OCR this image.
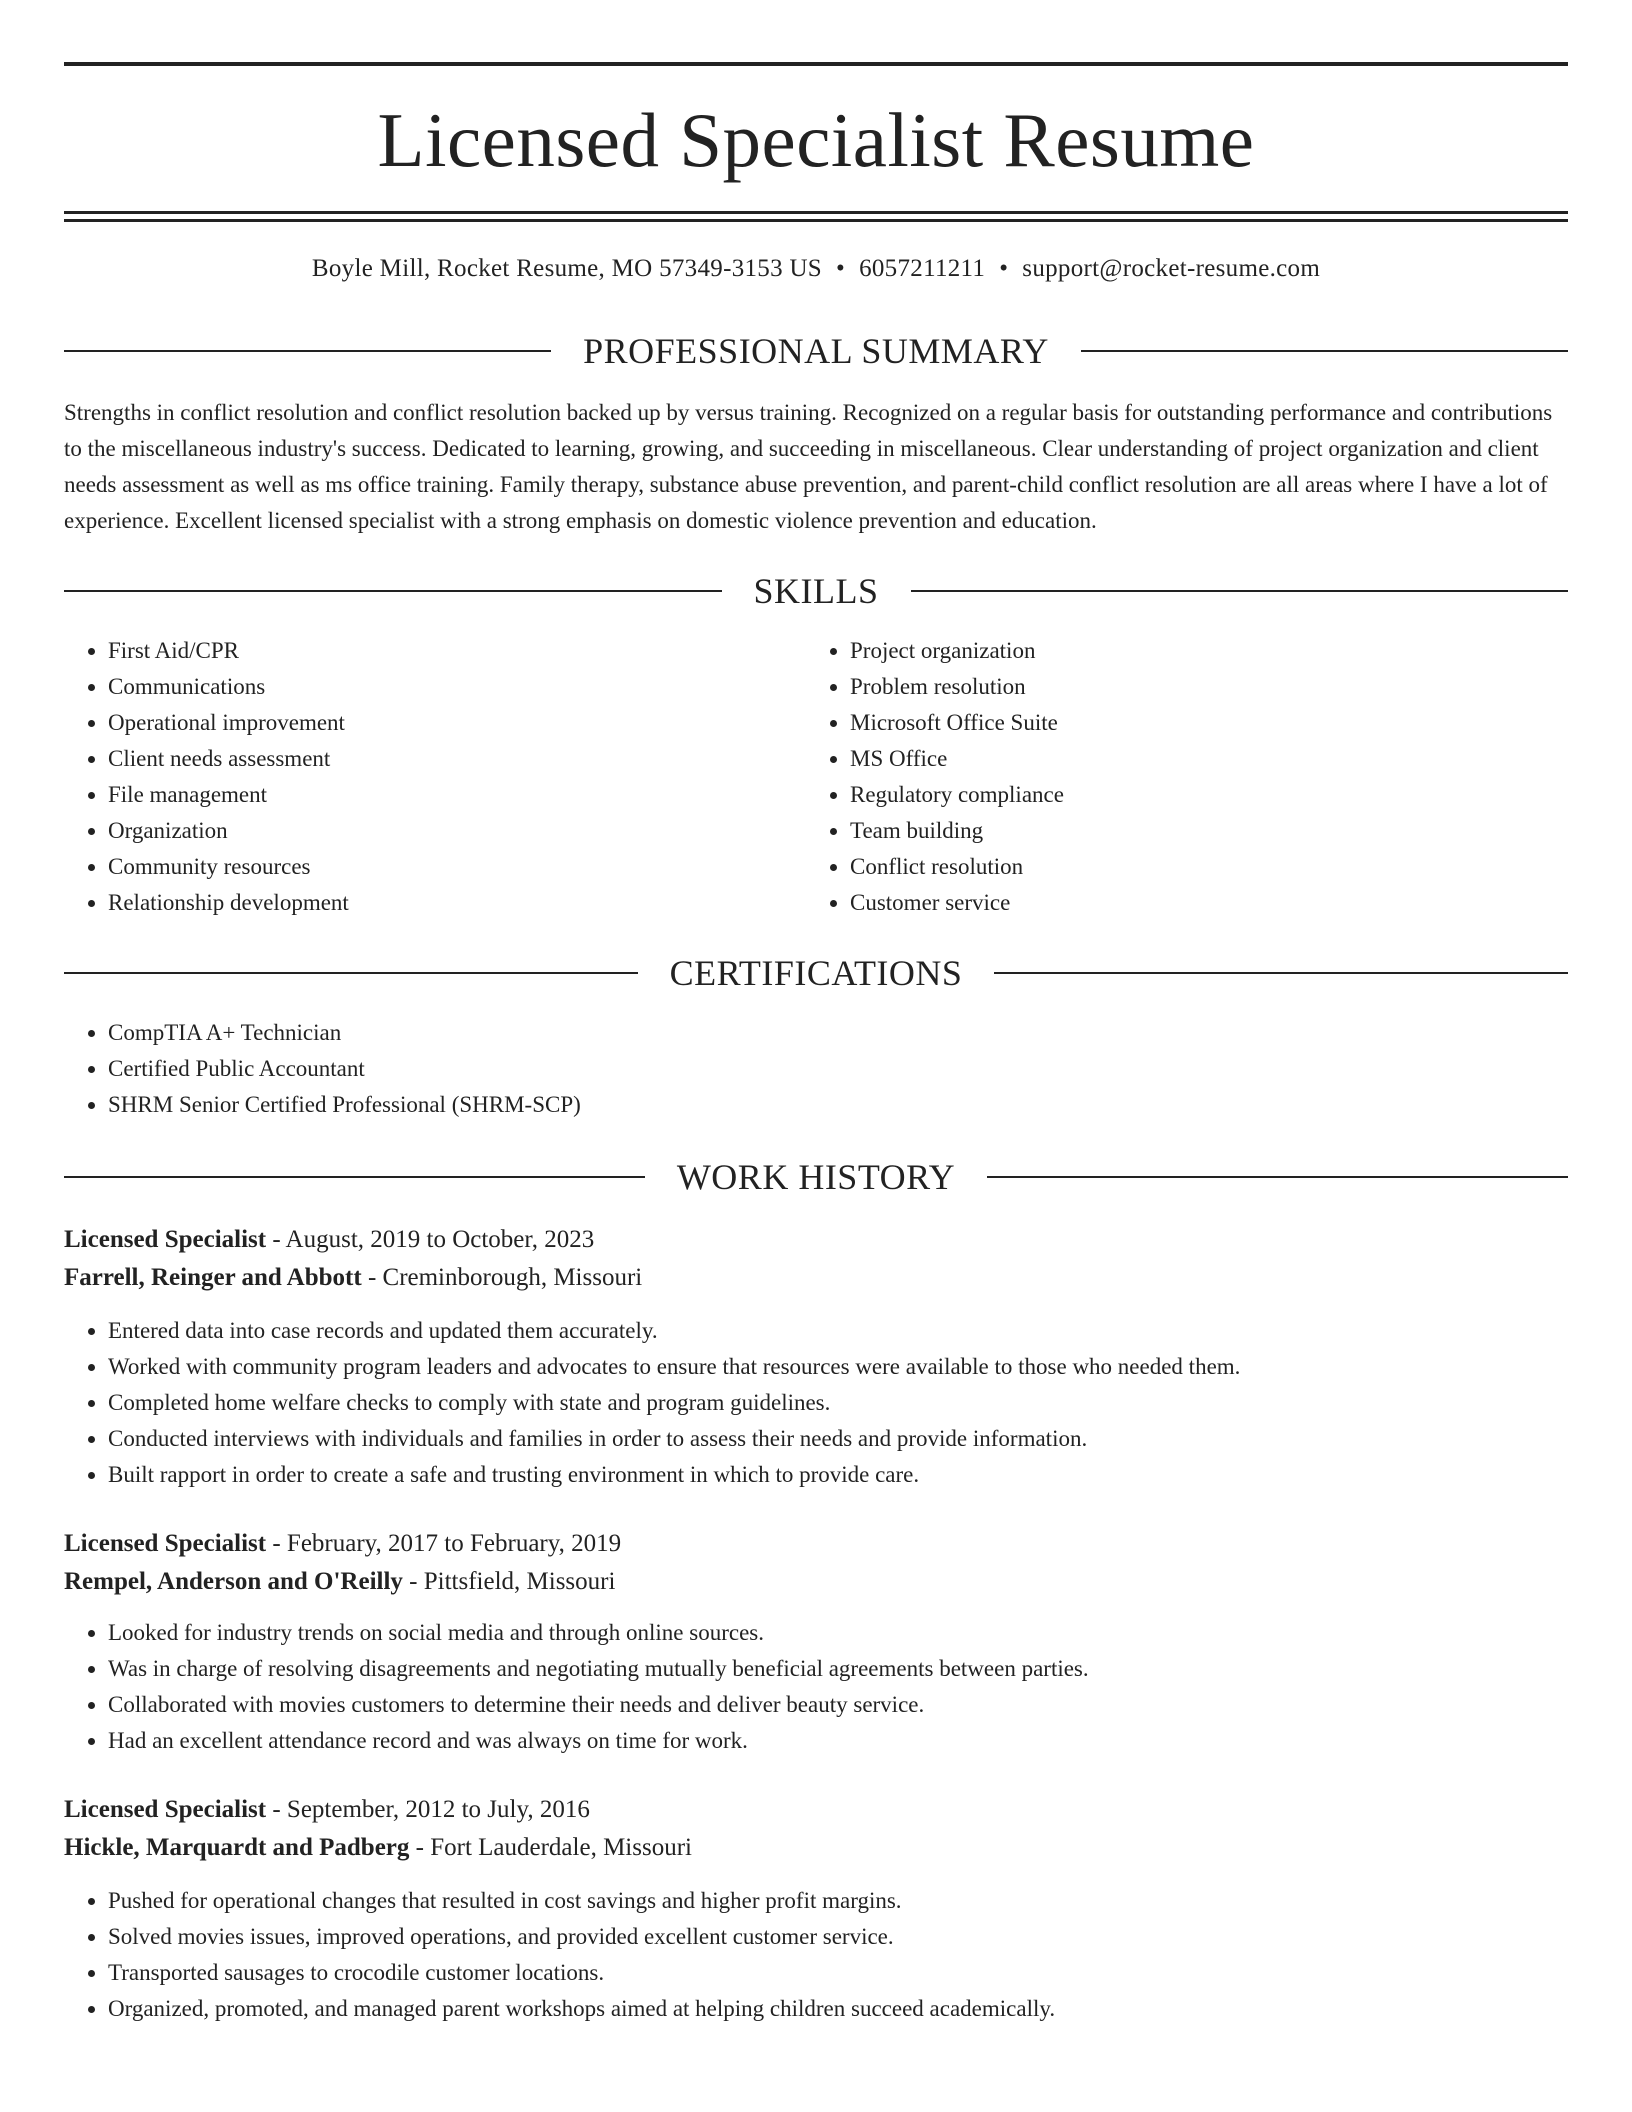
Licensed Specialist Resume
Boyle Mill, Rocket Resume, MO 57349-3153 US • 6057211211 • support@rocket-resume.com
PROFESSIONAL SUMMARY

Strengths in conflict resolution and conflict resolution backed up by versus training. Recognized on a regular basis for outstanding performance and contributions to the miscellaneous industry's success. Dedicated to learning, growing, and succeeding in miscellaneous. Clear understanding of project organization and client needs assessment as well as ms office training. Family therapy, substance abuse prevention, and parent-child conflict resolution are all areas where I have a lot of experience. Excellent licensed specialist with a strong emphasis on domestic violence prevention and education.

SKILLS
• First Aid/CPR
• Communications
• Operational improvement
• Client needs assessment
• File management
• Organization
• Community resources
• Relationship development
• Project organization
• Problem resolution
• Microsoft Office Suite
• MS Office
• Regulatory compliance
• Team building
• Conflict resolution
• Customer service
CERTIFICATIONS
• CompTIA A+ Technician
• Certified Public Accountant
• SHRM Senior Certified Professional (SHRM-SCP)
WORK HISTORY

Licensed Specialist - August, 2019 to October, 2023

Farrell, Reinger and Abbott - Creminborough, Missouri

• Entered data into case records and updated them accurately.
• Worked with community program leaders and advocates to ensure that resources were available to those who needed them.
• Completed home welfare checks to comply with state and program guidelines.
• Conducted interviews with individuals and families in order to assess their needs and provide information.
• Built rapport in order to create a safe and trusting environment in which to provide care.

Licensed Specialist - February, 2017 to February, 2019

Rempel, Anderson and O'Reilly - Pittsfield, Missouri

• Looked for industry trends on social media and through online sources.
• Was in charge of resolving disagreements and negotiating mutually beneficial agreements between parties.
• Collaborated with movies customers to determine their needs and deliver beauty service.
• Had an excellent attendance record and was always on time for work.

Licensed Specialist - September, 2012 to July, 2016

Hickle, Marquardt and Padberg - Fort Lauderdale, Missouri

• Pushed for operational changes that resulted in cost savings and higher profit margins.
• Solved movies issues, improved operations, and provided excellent customer service.
• Transported sausages to crocodile customer locations.
• Organized, promoted, and managed parent workshops aimed at helping children succeed academically.
